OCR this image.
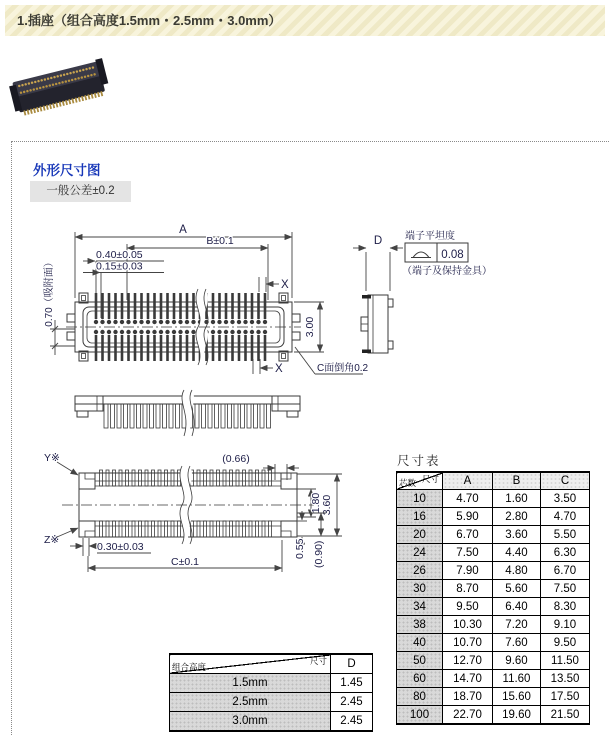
1.插座（组合高度1.5mm・2.5mm・3.0mm）
外形尺寸图
一般公差±0.2
A
B±0.1
0.40±0.05
0.15±0.03
X
X
3.00
0.70（吸附面）
C面倒角0.2
D 端子平坦度
0.08
（端子及保持金具）
Y※
Z※
(0.66)
1.80 3.60
0.55 (0.90)
0.30±0.03
C±0.1
尺寸表
尺寸
芯数	A	B	C
10	4.70	1.60	3.50
16	5.90	2.80	4.70
20	6.70	3.60	5.50
24	7.50	4.40	6.30
26	7.90	4.80	6.70
30	8.70	5.60	7.50
34	9.50	6.40	8.30
38	10.30	7.20	9.10
40	10.70	7.60	9.50
50	12.70	9.60	11.50
60	14.70	11.60	13.50
80	18.70	15.60	17.50
100	22.70	19.60	21.50
尺寸
组合高度	D
1.5mm	1.45
2.5mm	2.45
3.0mm	2.45
